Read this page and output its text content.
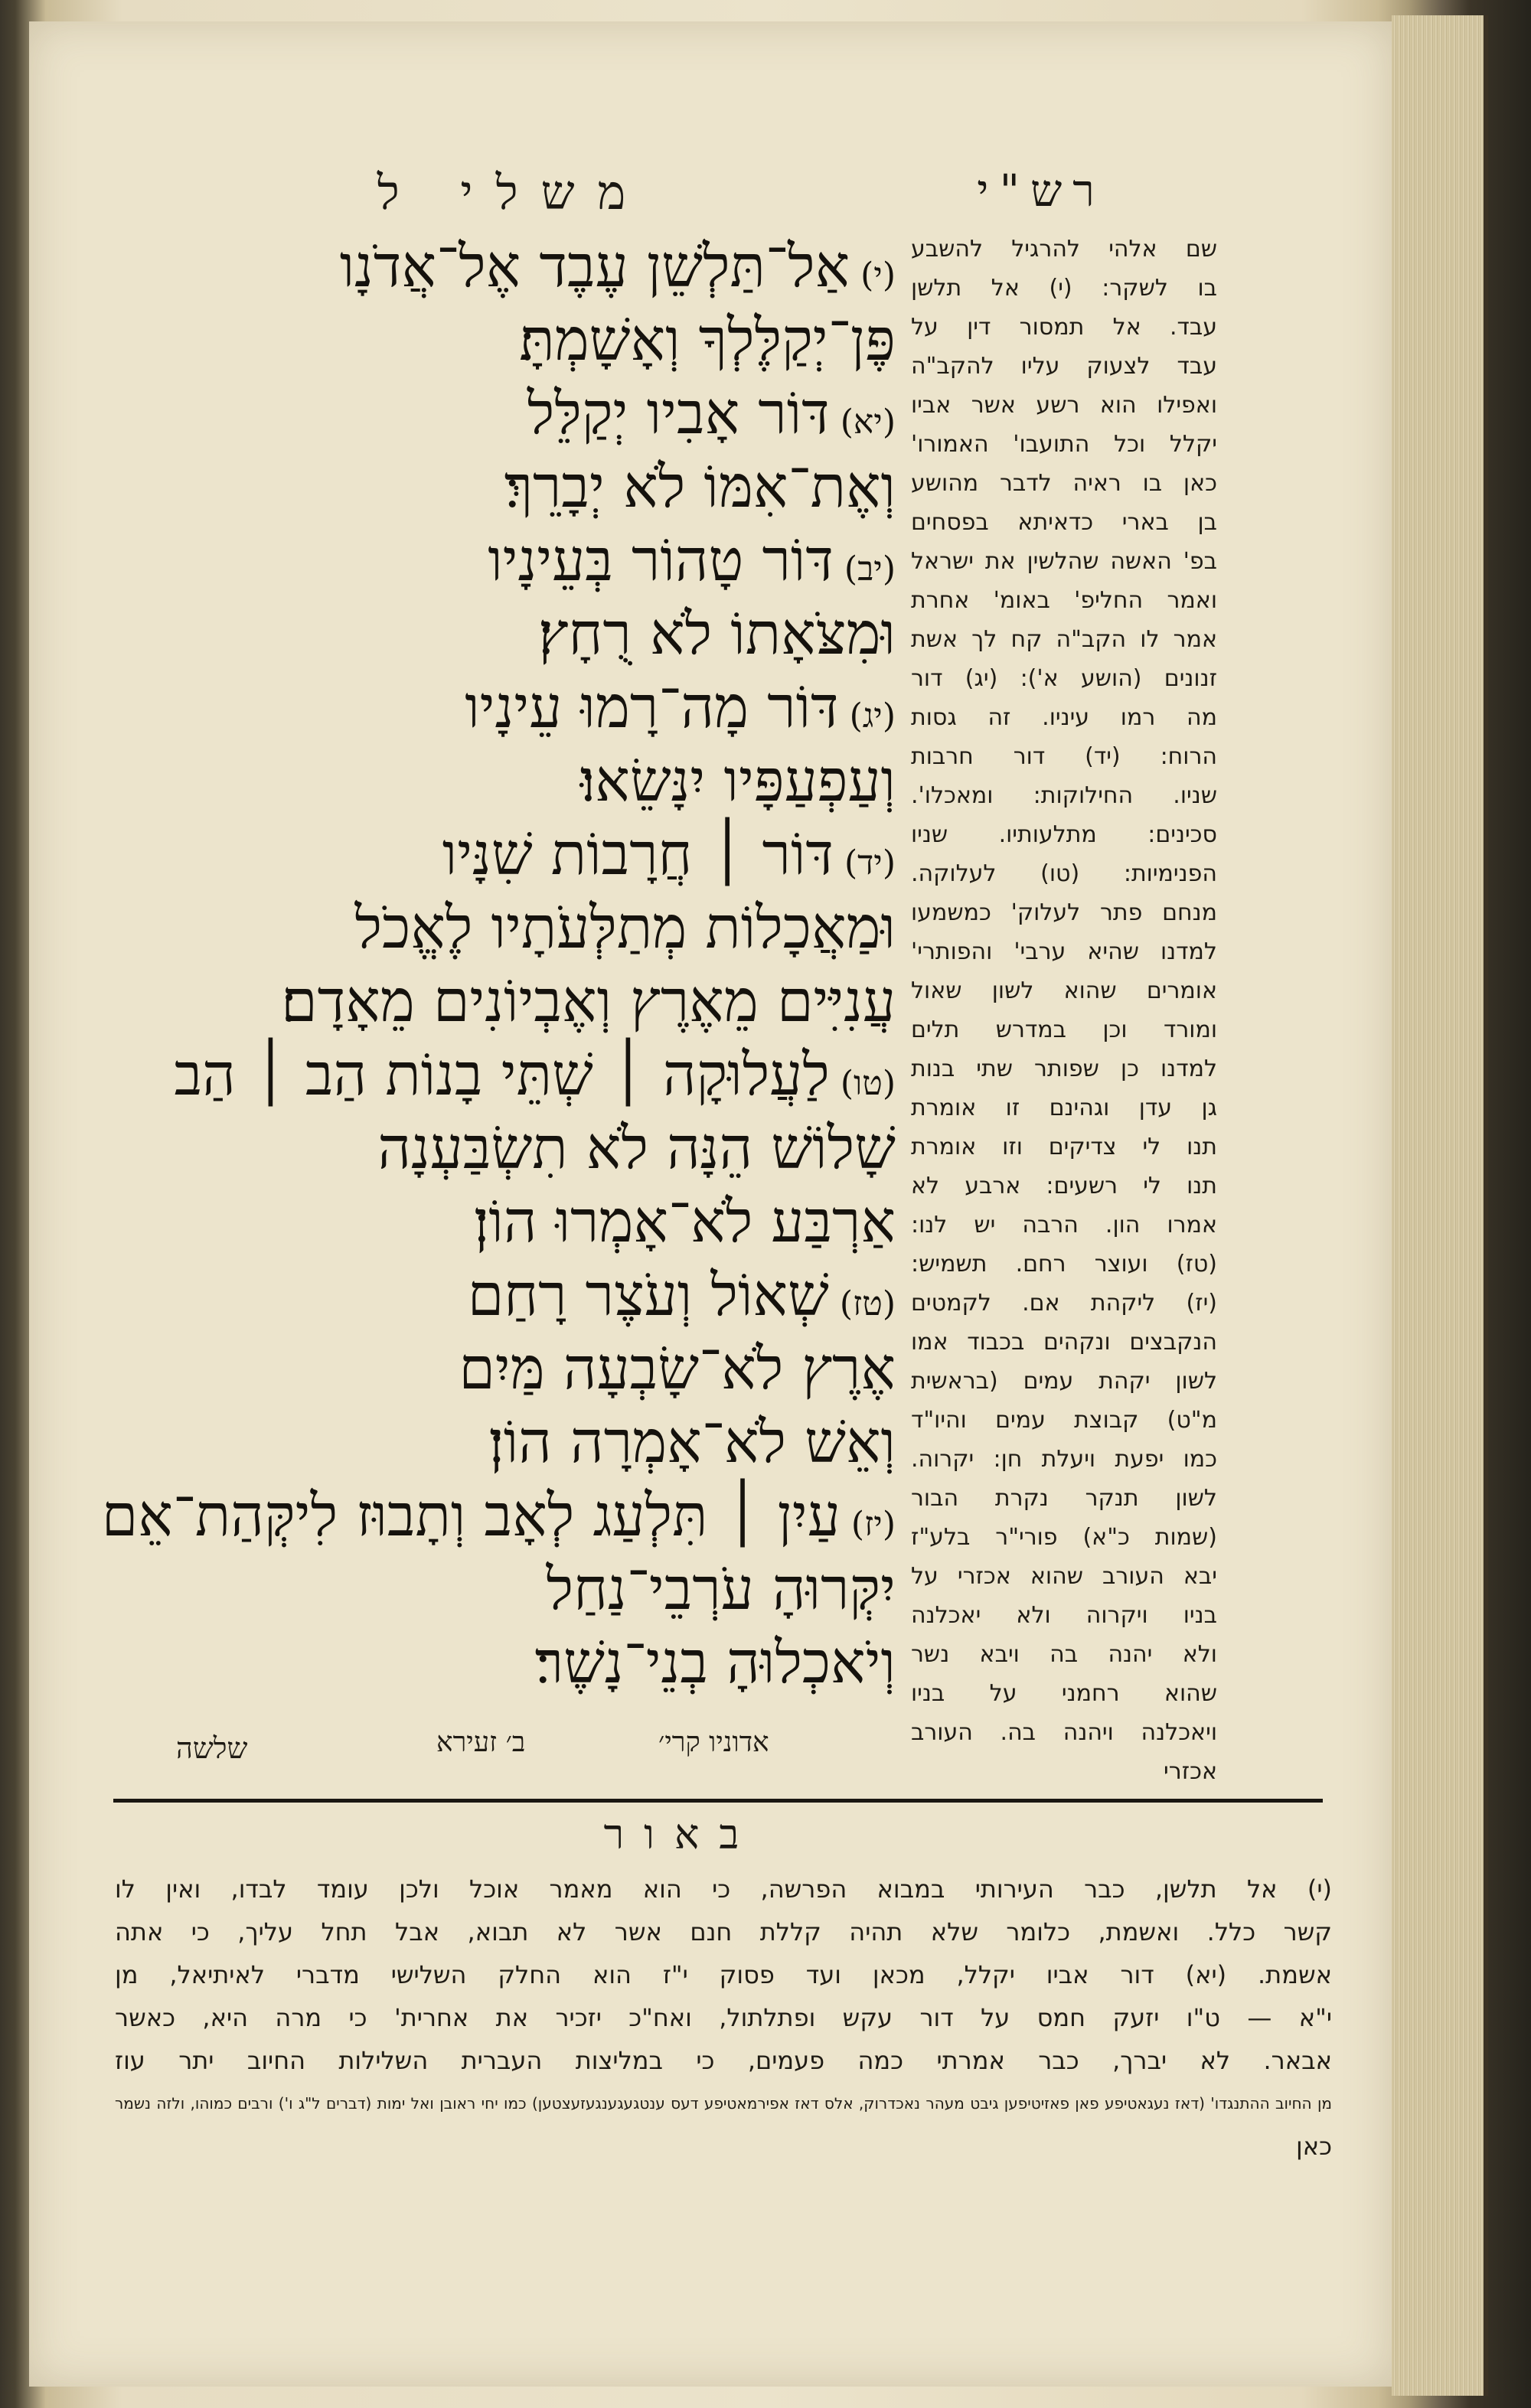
משלי ל	רש"י
(י)אַל־תַּלְשֵׁן עֶבֶד אֶל־אֲדֹנָו
פֶּן־יְקַלֶּלְךָ וְאָשָׁמְתָּ׃
(יא)דּוֹר אָבִיו יְקַלֵּל
וְאֶת־אִמּוֹ לֹא יְבָרֵךְ׃
(יב)דּוֹר טָהוֹר בְּעֵינָיו
וּמִצֹּאָתוֹ לֹא רֻחָץ׃
(יג)דּוֹר מָה־רָמוּ עֵינָיו
וְעַפְעַפָּיו יִנָּשֵׂאוּ׃
(יד)דּוֹר ׀ חֲרָבוֹת שִׁנָּיו
וּמַאֲכָלוֹת מְתַלְּעֹתָיו לֶאֱכֹל
עֲנִיִּים מֵאֶרֶץ וְאֶבְיוֹנִים מֵאָדָם׃
(טו)לַעֲלוּקָה ׀ שְׁתֵּי בָנוֹת הַב ׀ הַב
שָׁלוֹשׁ הֵנָּה לֹא תִשְׂבַּעְנָה
אַרְבַּע לֹא־אָמְרוּ הוֹן׃
(טז)שְׁאוֹל וְעֹצֶר רָחַם
אֶרֶץ לֹא־שָׂבְעָה מַּיִם
וְאֵשׁ לֹא־אָמְרָה הוֹן׃
(יז)עַיִן ׀ תִּלְעַג לְאָב וְתָבוּז לִיקְּהַת־אֵם
יִקְּרוּהָ עֹרְבֵי־נַחַל
וְיֹאכְלוּהָ בְנֵי־נָשֶׁר׃
שם אלהי להרגיל להשבע
בו לשקר: (י) אל תלשן
עבד. אל תמסור דין על
עבד לצעוק עליו להקב"ה
ואפילו הוא רשע אשר אביו
יקלל וכל התועבו' האמורו'
כאן בו ראיה לדבר מהושע
בן בארי כדאיתא בפסחים
בפ' האשה שהלשין את ישראל
ואמר החליפ' באומ' אחרת
אמר לו הקב"ה קח לך אשת
זנונים (הושע א'): (יג) דור
מה רמו עיניו. זה גסות
הרוח: (יד) דור חרבות
שניו. החילוקות: ומאכלו'.
סכינים: מתלעותיו. שניו
הפנימיות: (טו) לעלוקה.
מנחם פתר לעלוק' כמשמעו
למדנו שהיא ערבי' והפותרי'
אומרים שהוא לשון שאול
ומורד וכן במדרש תלים
למדנו כן שפותר שתי בנות
גן עדן וגהינם זו אומרת
תנו לי צדיקים וזו אומרת
תנו לי רשעים: ארבע לא
אמרו הון. הרבה יש לנו:
(טז) ועוצר רחם. תשמיש:
(יז) ליקהת אם. לקמטים
הנקבצים ונקהים בכבוד אמו
לשון יקהת עמים (בראשית
מ"ט) קבוצת עמים והיו"ד
כמו יפעת ויעלת חן: יקרוה.
לשון תנקר נקרת הבור
(שמות כ"א) פורי"ר בלע"ז
יבא העורב שהוא אכזרי על
בניו ויקרוה ולא יאכלנה
ולא יהנה בה ויבא נשר
שהוא רחמני על בניו
ויאכלנה ויהנה בה. העורב
אכזרי
אדוניו קרי׳
ב׳ זעירא
שלשה
באור
(י) אל תלשן, כבר העירותי במבוא הפרשה, כי הוא מאמר אוכל ולכן עומד לבדו, ואין לו
קשר כלל. ואשמת, כלומר שלא תהיה קללת חנם אשר לא תבוא, אבל תחל עליך, כי אתה
אשמת. (יא) דור אביו יקלל, מכאן ועד פסוק י"ז הוא החלק השלישי מדברי לאיתיאל, מן
י"א — ט"ו יזעק חמס על דור עקש ופתלתול, ואח"כ יזכיר את אחרית' כי מרה היא, כאשר
אבאר. לא יברך, כבר אמרתי כמה פעמים, כי במליצות העברית השלילות החיוב יתר עוז
מן החיוב ההתנגדו' (דאז נעגאטיפע פאן פאזיטיפען גיבט מעהר נאכדרוק, אלס דאז אפירמאטיפע דעס ענטגעגענגעזעצטען) כמו יחי ראובן ואל ימות (דברים ל"ג ו') ורבים כמוהו, ולזה נשמר
כאן
